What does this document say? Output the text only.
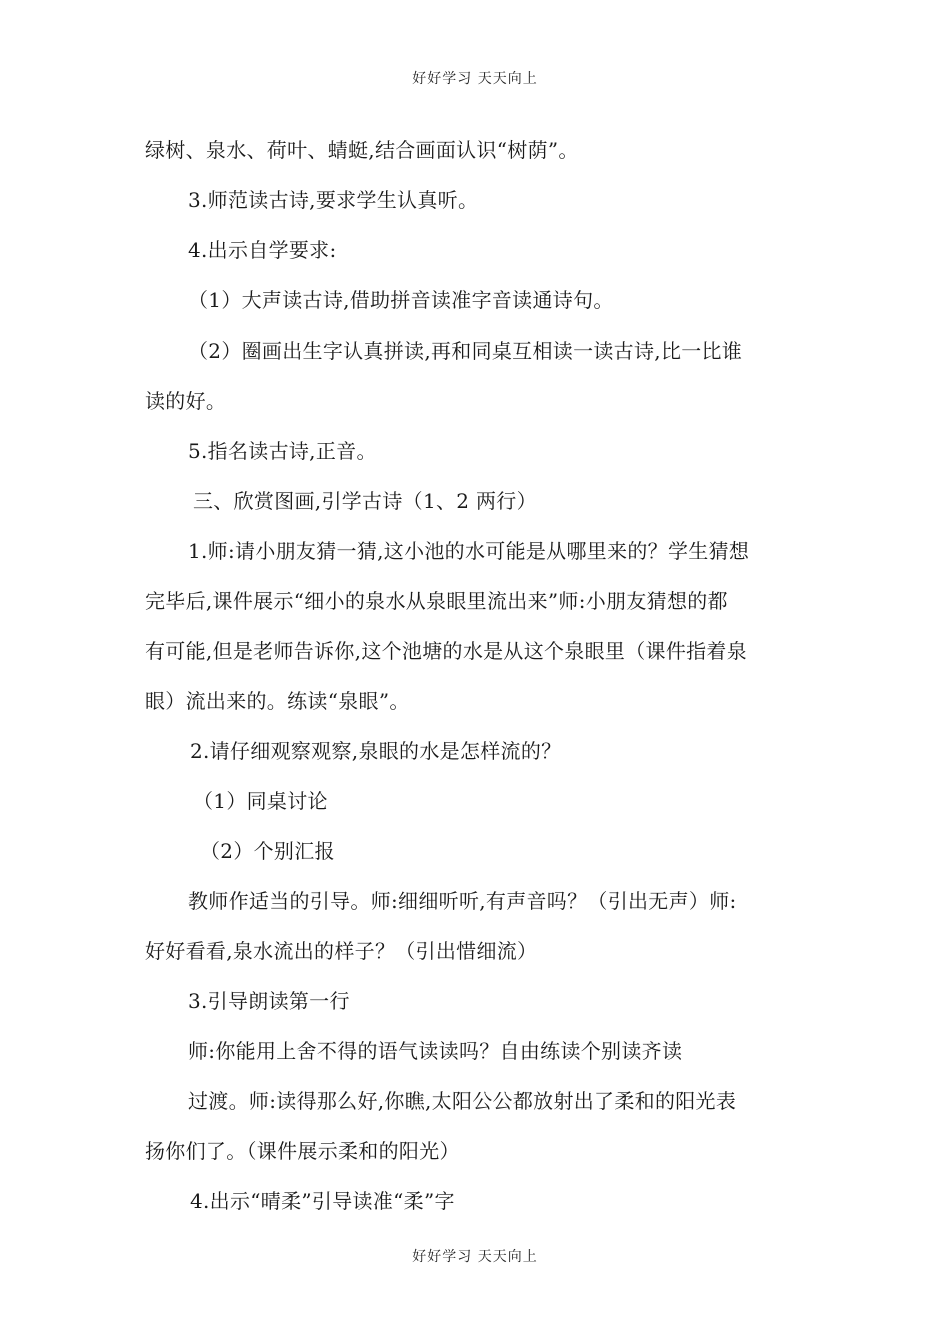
好好学习 天天向上
绿树、泉水、荷叶、蜻蜓,结合画面认识“树荫”。
3.师范读古诗,要求学生认真听。
4.出示自学要求:
（1）大声读古诗,借助拼音读准字音读通诗句。
（2）圈画出生字认真拼读,再和同桌互相读一读古诗,比一比谁
读的好。
5.指名读古诗,正音。
三、欣赏图画,引学古诗（1、2 两行）
1.师:请小朋友猜一猜,这小池的水可能是从哪里来的？学生猜想
完毕后,课件展示“细小的泉水从泉眼里流出来”师:小朋友猜想的都
有可能,但是老师告诉你,这个池塘的水是从这个泉眼里（课件指着泉
眼）流出来的。练读“泉眼”。
2.请仔细观察观察,泉眼的水是怎样流的？
（1）同桌讨论
（2）个别汇报
教师作适当的引导。师:细细听听,有声音吗？（引出无声）师:
好好看看,泉水流出的样子？（引出惜细流）
3.引导朗读第一行
师:你能用上舍不得的语气读读吗？自由练读个别读齐读
过渡。师:读得那么好,你瞧,太阳公公都放射出了柔和的阳光表
扬你们了。（课件展示柔和的阳光）
4.出示“晴柔”引导读准“柔”字
好好学习 天天向上
